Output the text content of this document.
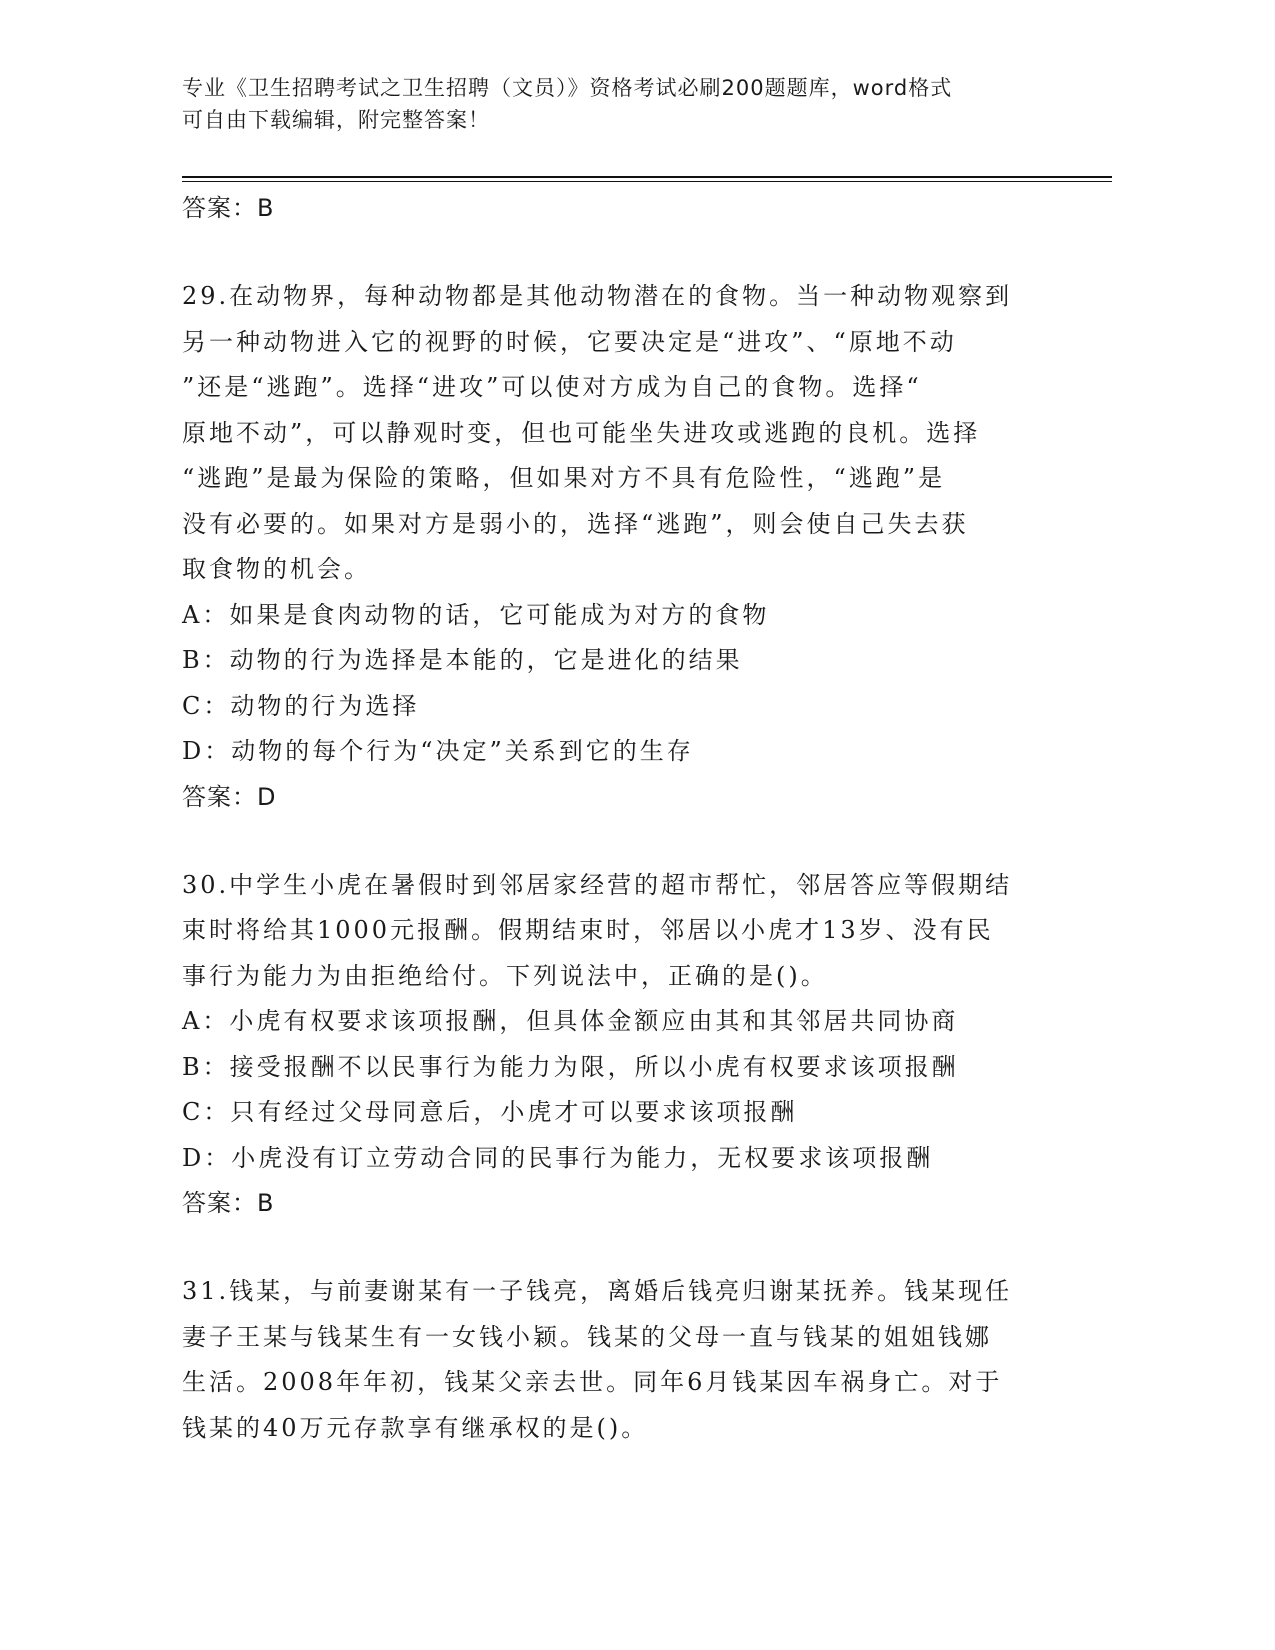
专业《卫生招聘考试之卫生招聘（文员）》资格考试必刷200题题库，word格式
可自由下载编辑，附完整答案！
答案：B
29.在动物界，每种动物都是其他动物潜在的食物。当一种动物观察到
另一种动物进入它的视野的时候，它要决定是“进攻”、“原地不动
”还是“逃跑”。选择“进攻”可以使对方成为自己的食物。选择“
原地不动”，可以静观时变，但也可能坐失进攻或逃跑的良机。选择
“逃跑”是最为保险的策略，但如果对方不具有危险性，“逃跑”是
没有必要的。如果对方是弱小的，选择“逃跑”，则会使自己失去获
取食物的机会。
A：如果是食肉动物的话，它可能成为对方的食物
B：动物的行为选择是本能的，它是进化的结果
C：动物的行为选择
D：动物的每个行为“决定”关系到它的生存
答案：D
30.中学生小虎在暑假时到邻居家经营的超市帮忙，邻居答应等假期结
束时将给其1000元报酬。假期结束时，邻居以小虎才13岁、没有民
事行为能力为由拒绝给付。下列说法中，正确的是()。
A：小虎有权要求该项报酬，但具体金额应由其和其邻居共同协商
B：接受报酬不以民事行为能力为限，所以小虎有权要求该项报酬
C：只有经过父母同意后，小虎才可以要求该项报酬
D：小虎没有订立劳动合同的民事行为能力，无权要求该项报酬
答案：B
31.钱某，与前妻谢某有一子钱亮，离婚后钱亮归谢某抚养。钱某现任
妻子王某与钱某生有一女钱小颖。钱某的父母一直与钱某的姐姐钱娜
生活。2008年年初，钱某父亲去世。同年6月钱某因车祸身亡。对于
钱某的40万元存款享有继承权的是()。
